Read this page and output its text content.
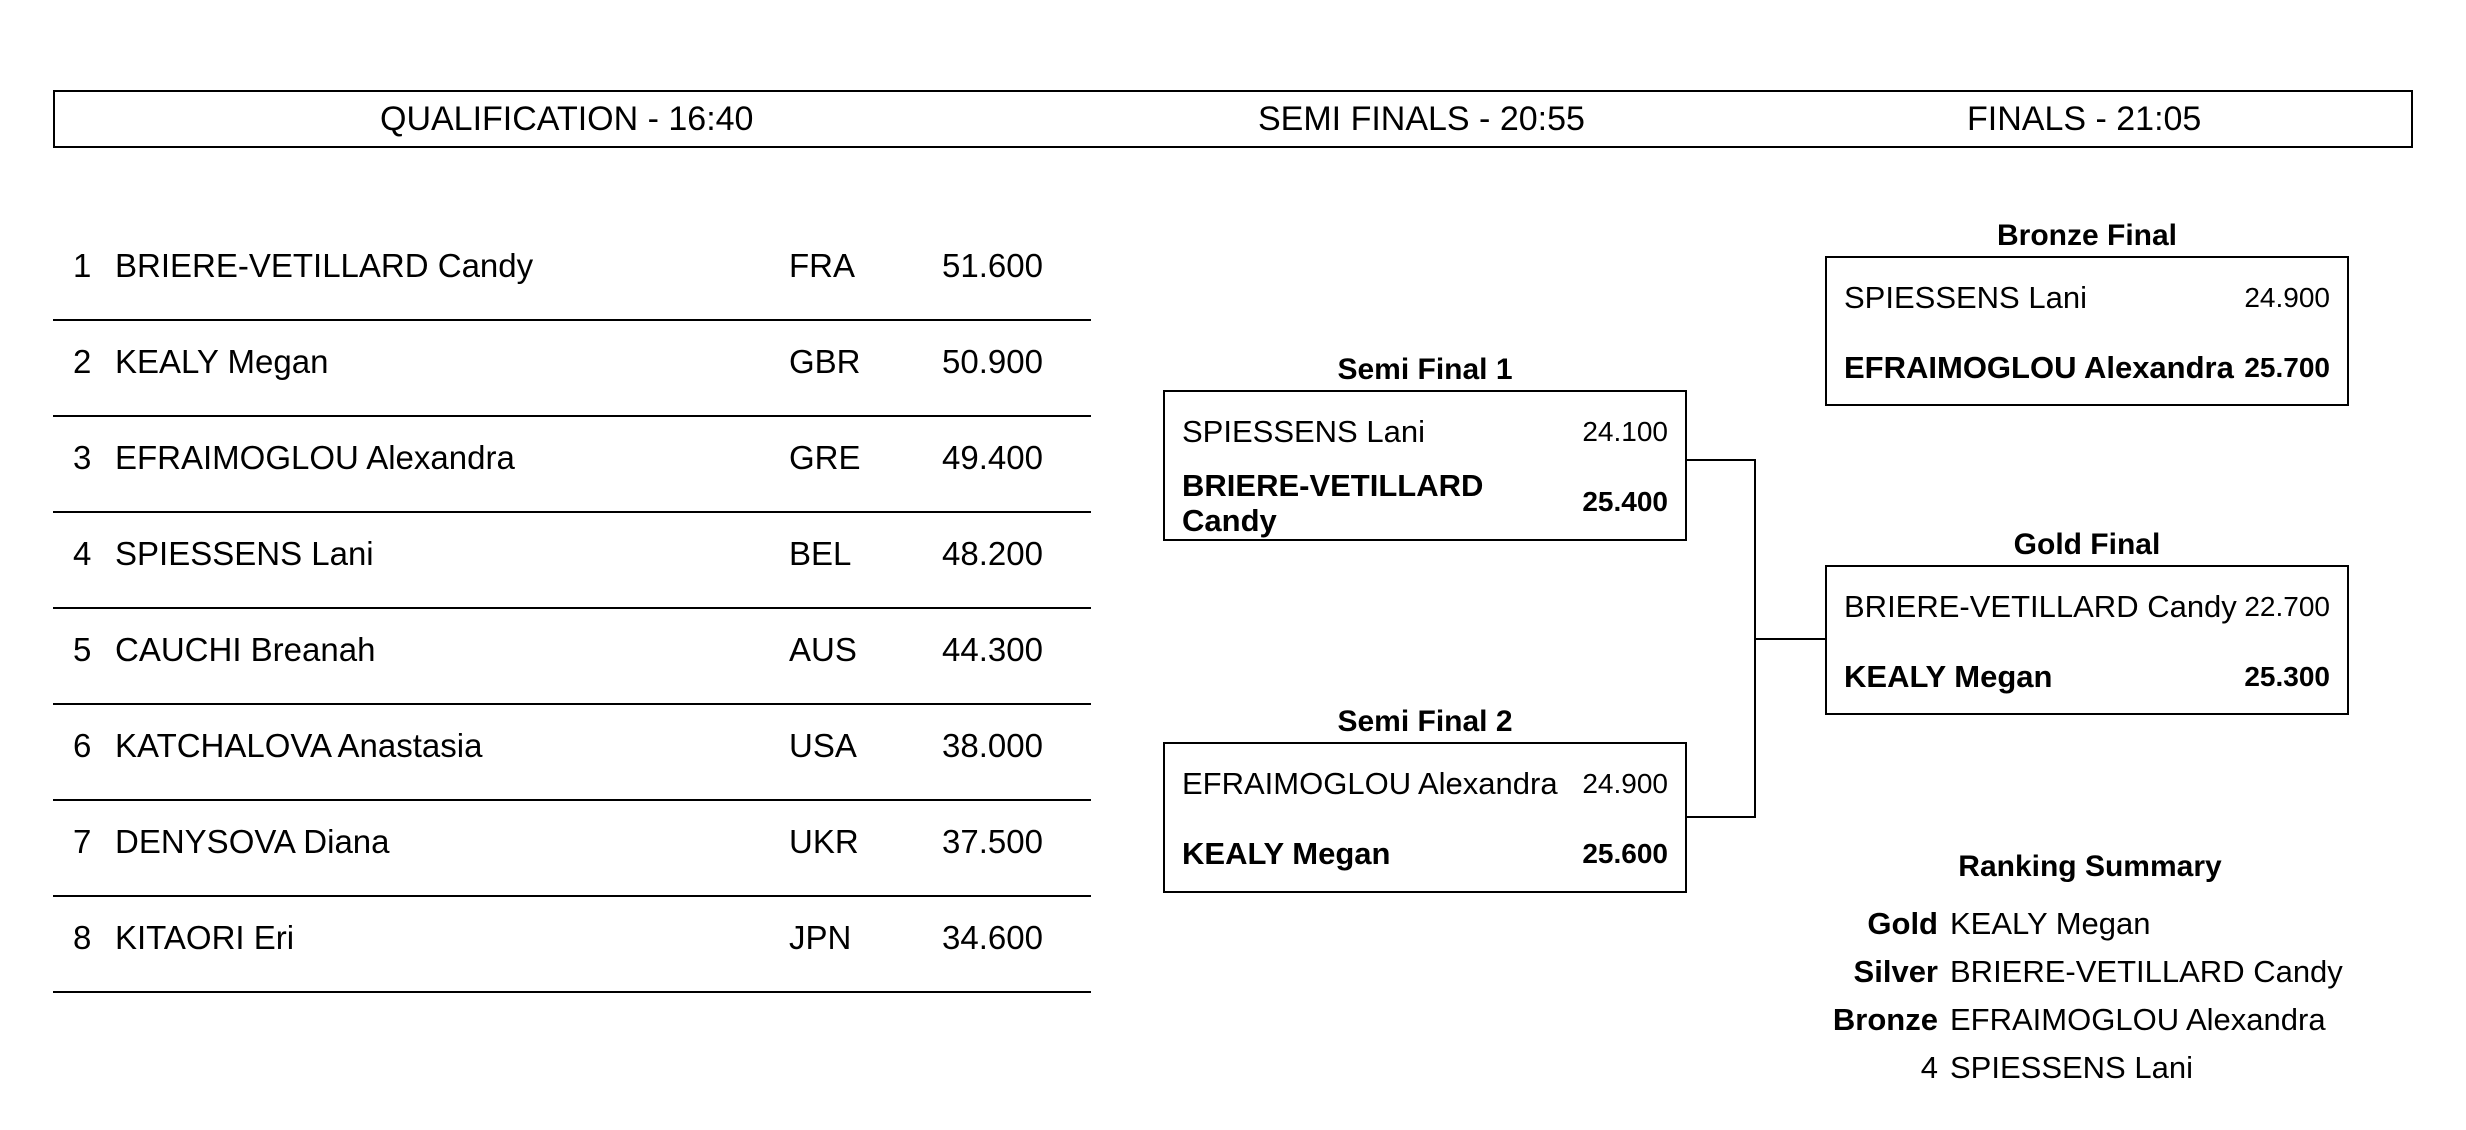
QUALIFICATION - 16:40	SEMI FINALS - 20:55	FINALS - 21:05
1 BRIERE-VETILLARD Candy	FRA	51.600
2 KEALY Megan	GBR 50.900
3 EFRAIMOGLOU Alexandra	GRE 49.400
4 SPIESSENS Lani	BEL	48.200
5 CAUCHI Breanah	AUS	44.300
6 KATCHALOVA Anastasia	USA	38.000
7 DENYSOVA Diana	UKR	37.500
8 KITAORI Eri	JPN	34.600
Semi Final 1
SPIESSENS Lani	24.100
BRIERE-VETILLARD Candy
25.400
Semi Final 2
EFRAIMOGLOU Alexandra 24.900
KEALY Megan	25.600
Bronze Final
SPIESSENS Lani	24.900
EFRAIMOGLOU Alexandra 25.700
Gold Final
BRIERE-VETILLARD Candy 22.700
KEALY Megan	25.300
Ranking Summary
Gold KEALY Megan
Silver BRIERE-VETILLARD Candy
Bronze EFRAIMOGLOU Alexandra
4 SPIESSENS Lani
